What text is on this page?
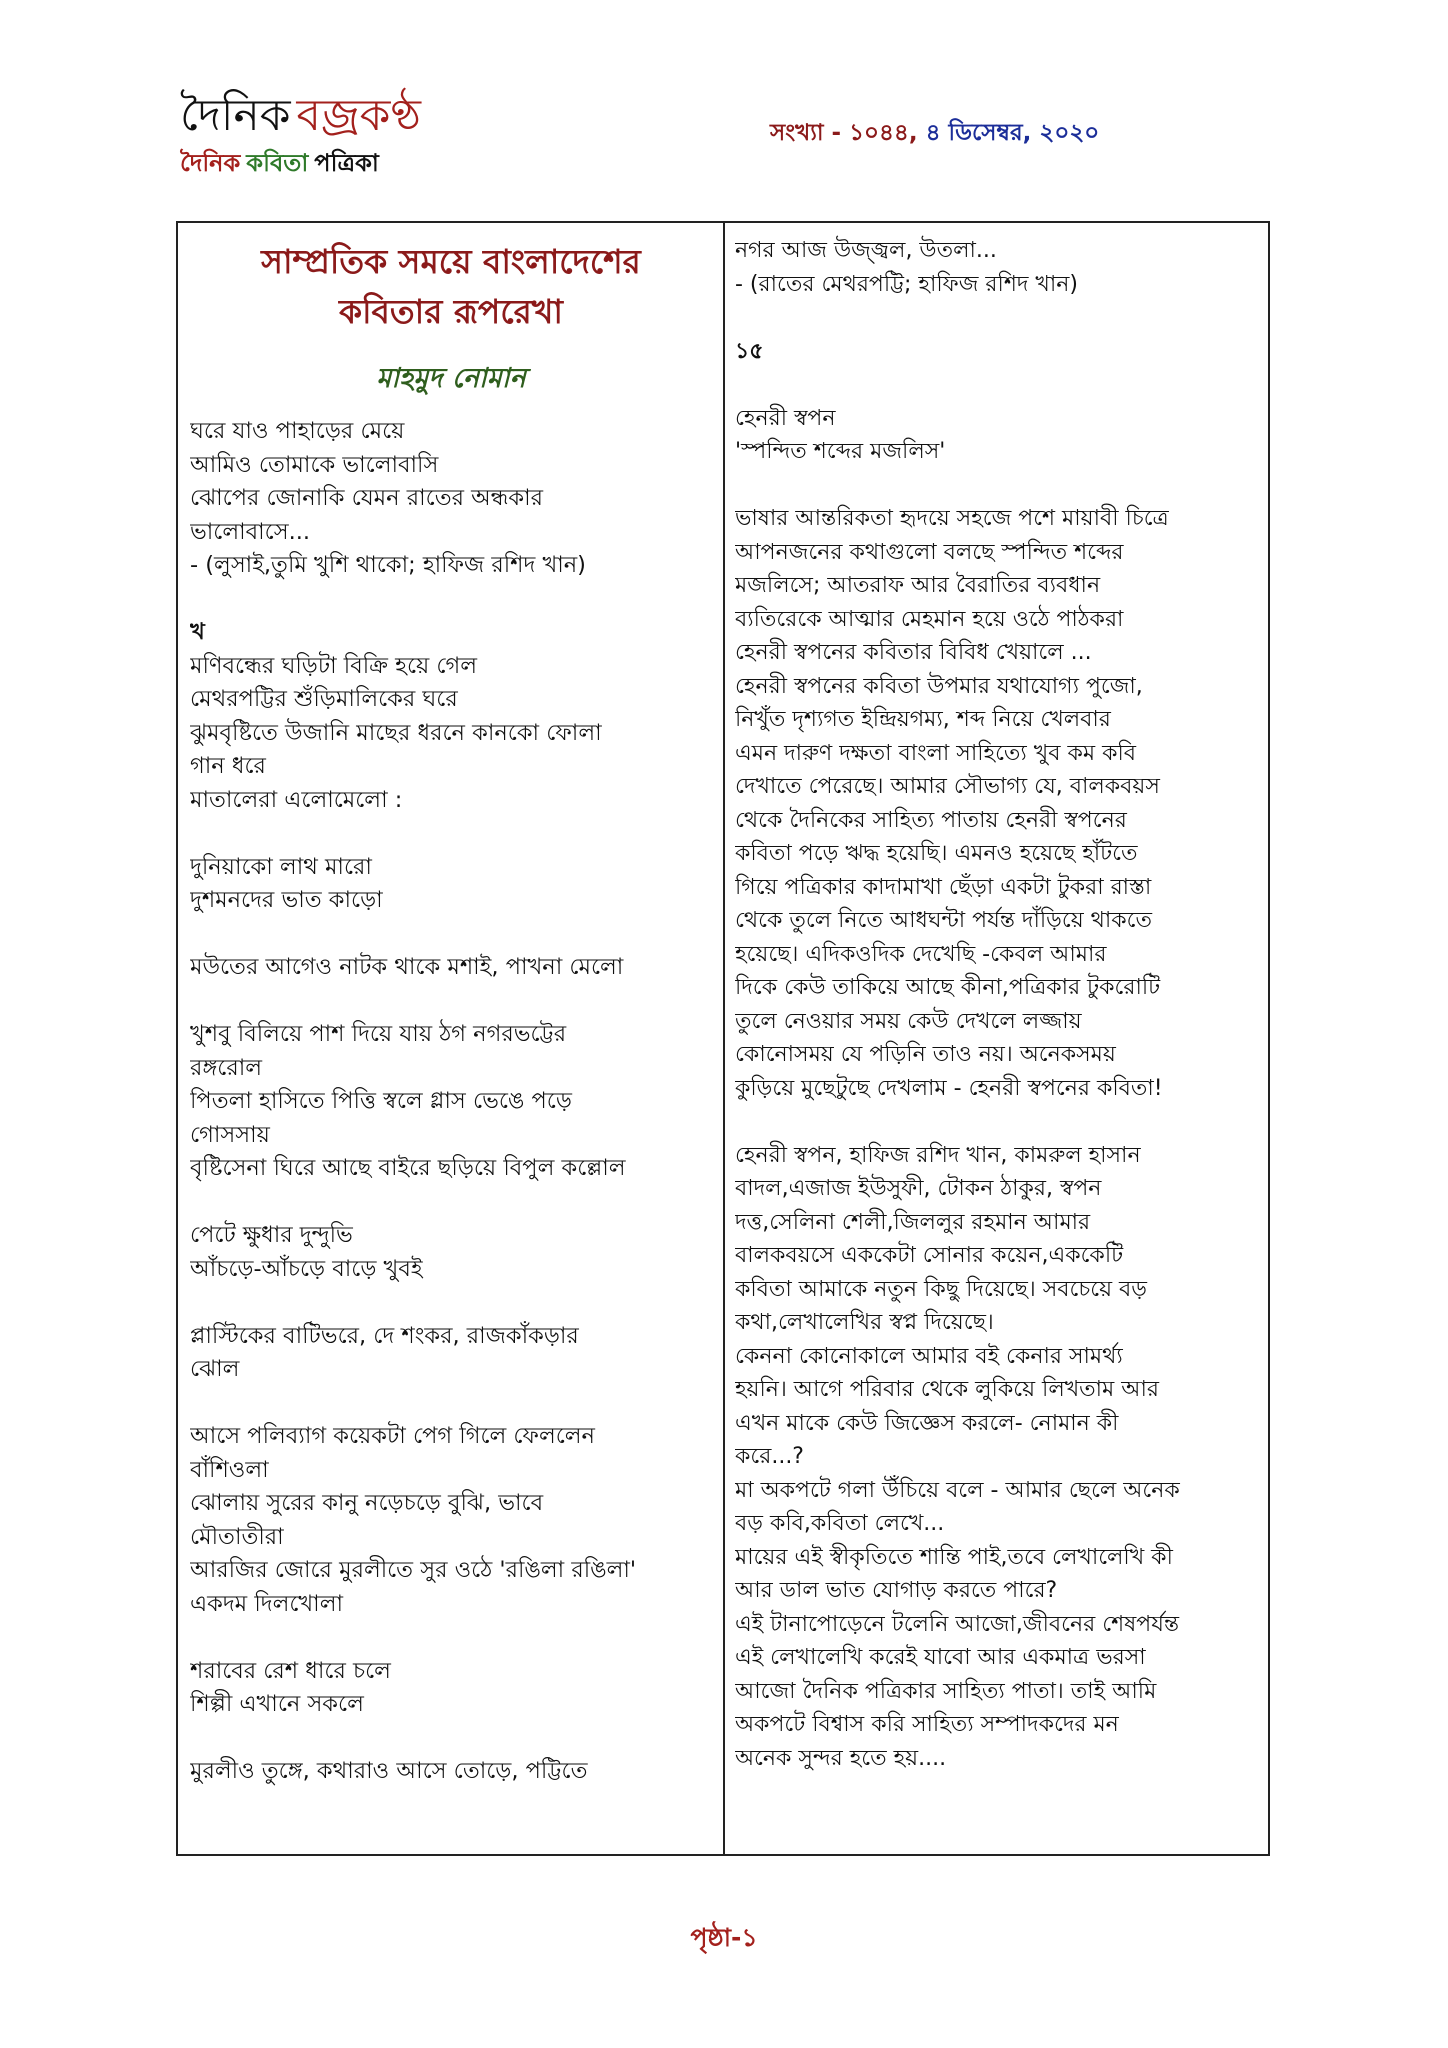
দৈনিক বজ্রকণ্ঠ
দৈনিক কবিতা পত্রিকা
সংখ্যা - ১০৪৪, ৪ ডিসেম্বর, ২০২০
সাম্প্রতিক সময়ে বাংলাদেশের
কবিতার রূপরেখা
মাহমুদ নোমান
ঘরে যাও পাহাড়ের মেয়ে
আমিও তোমাকে ভালোবাসি
ঝোপের জোনাকি যেমন রাতের অন্ধকার
ভালোবাসে...
- (লুসাই,তুমি খুশি থাকো; হাফিজ রশিদ খান)
খ
মণিবন্ধের ঘড়িটা বিক্রি হয়ে গেল
মেথরপট্টির শুঁড়িমালিকের ঘরে
ঝুমবৃষ্টিতে উজানি মাছের ধরনে কানকো ফোলা
গান ধরে
মাতালেরা এলোমেলো :
দুনিয়াকো লাথ মারো
দুশমনদের ভাত কাড়ো
মউতের আগেও নাটক থাকে মশাই, পাখনা মেলো
খুশবু বিলিয়ে পাশ দিয়ে যায় ঠগ নগরভট্টের
রঙ্গরোল
পিতলা হাসিতে পিত্তি স্বলে গ্লাস ভেঙে পড়ে
গোসসায়
বৃষ্টিসেনা ঘিরে আছে বাইরে ছড়িয়ে বিপুল কল্লোল
পেটে ক্ষুধার দুন্দুভি
আঁচড়ে-আঁচড়ে বাড়ে খুবই
প্লাস্টিকের বাটিভরে, দে শংকর, রাজকাঁকড়ার
ঝোল
আসে পলিব্যাগ কয়েকটা পেগ গিলে ফেললেন
বাঁশিওলা
ঝোলায় সুরের কানু নড়েচড়ে বুঝি, ভাবে
মৌতাতীরা
আরজির জোরে মুরলীতে সুর ওঠে 'রঙিলা রঙিলা'
একদম দিলখোলা
শরাবের রেশ ধারে চলে
শিল্পী এখানে সকলে
মুরলীও তুঙ্গে, কথারাও আসে তোড়ে, পট্টিতে
নগর আজ উজ্জ্বল, উতলা...
- (রাতের মেথরপট্টি; হাফিজ রশিদ খান)
১৫
হেনরী স্বপন
'স্পন্দিত শব্দের মজলিস'
ভাষার আন্তরিকতা হৃদয়ে সহজে পশে মায়াবী চিত্রে
আপনজনের কথাগুলো বলছে স্পন্দিত শব্দের
মজলিসে; আতরাফ আর বৈরাতির ব্যবধান
ব্যতিরেকে আত্মার মেহমান হয়ে ওঠে পাঠকরা
হেনরী স্বপনের কবিতার বিবিধ খেয়ালে ...
হেনরী স্বপনের কবিতা উপমার যথাযোগ্য পুজো,
নিখুঁত দৃশ্যগত ইন্দ্রিয়গম্য, শব্দ নিয়ে খেলবার
এমন দারুণ দক্ষতা বাংলা সাহিত্যে খুব কম কবি
দেখাতে পেরেছে। আমার সৌভাগ্য যে, বালকবয়স
থেকে দৈনিকের সাহিত্য পাতায় হেনরী স্বপনের
কবিতা পড়ে ঋদ্ধ হয়েছি। এমনও হয়েছে হাঁটতে
গিয়ে পত্রিকার কাদামাখা ছেঁড়া একটা টুকরা রাস্তা
থেকে তুলে নিতে আধঘন্টা পর্যন্ত দাঁড়িয়ে থাকতে
হয়েছে। এদিকওদিক দেখেছি -কেবল আমার
দিকে কেউ তাকিয়ে আছে কীনা,পত্রিকার টুকরোটি
তুলে নেওয়ার সময় কেউ দেখলে লজ্জায়
কোনোসময় যে পড়িনি তাও নয়। অনেকসময়
কুড়িয়ে মুছেটুছে দেখলাম - হেনরী স্বপনের কবিতা!
হেনরী স্বপন, হাফিজ রশিদ খান, কামরুল হাসান
বাদল,এজাজ ইউসুফী, টোকন ঠাকুর, স্বপন
দত্ত,সেলিনা শেলী,জিললুর রহমান আমার
বালকবয়সে এককেটা সোনার কয়েন,এককেটি
কবিতা আমাকে নতুন কিছু দিয়েছে। সবচেয়ে বড়
কথা,লেখালেখির স্বপ্ন দিয়েছে।
কেননা কোনোকালে আমার বই কেনার সামর্থ্য
হয়নি। আগে পরিবার থেকে লুকিয়ে লিখতাম আর
এখন মাকে কেউ জিজ্ঞেস করলে- নোমান কী
করে...?
মা অকপটে গলা উঁচিয়ে বলে - আমার ছেলে অনেক
বড় কবি,কবিতা লেখে...
মায়ের এই স্বীকৃতিতে শান্তি পাই,তবে লেখালেখি কী
আর ডাল ভাত যোগাড় করতে পারে?
এই টানাপোড়েনে টলেনি আজো,জীবনের শেষপর্যন্ত
এই লেখালেখি করেই যাবো আর একমাত্র ভরসা
আজো দৈনিক পত্রিকার সাহিত্য পাতা। তাই আমি
অকপটে বিশ্বাস করি সাহিত্য সম্পাদকদের মন
অনেক সুন্দর হতে হয়....
পৃষ্ঠা-১
